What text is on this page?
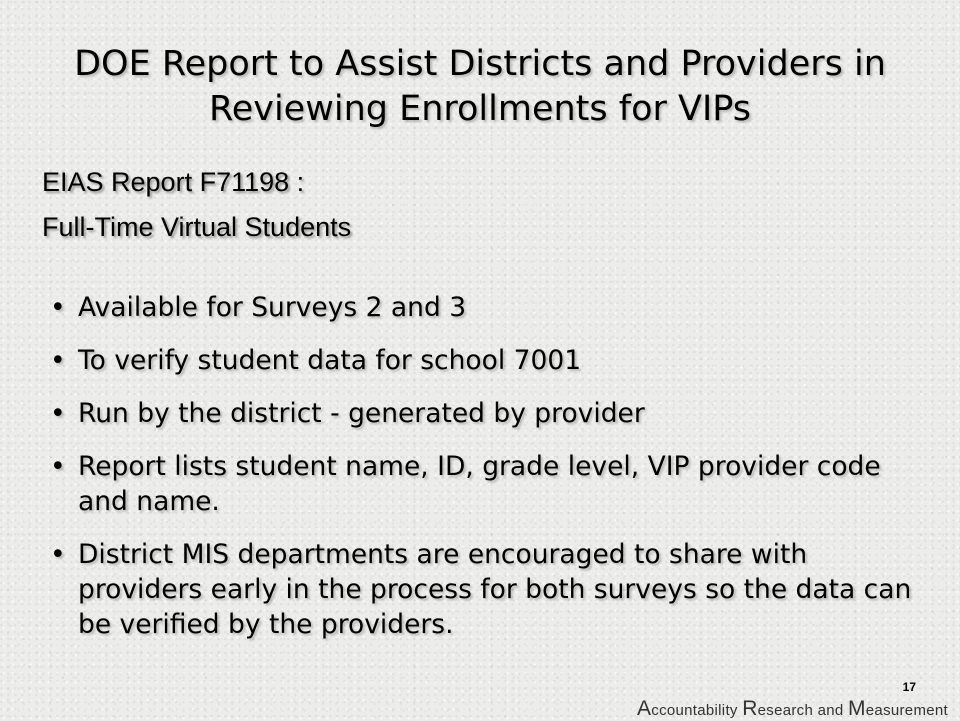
DOE Report to Assist Districts and Providers in Reviewing Enrollments for VIPs
EIAS Report F71198 :
Full-Time Virtual Students
• Available for Surveys 2 and 3
• To verify student data for school 7001
• Run by the district - generated by provider
• Report lists student name, ID, grade level, VIP provider code and name.
• District MIS departments are encouraged to share with providers early in the process for both surveys so the data can be verified by the providers.
17
Accountability Research and Measurement
